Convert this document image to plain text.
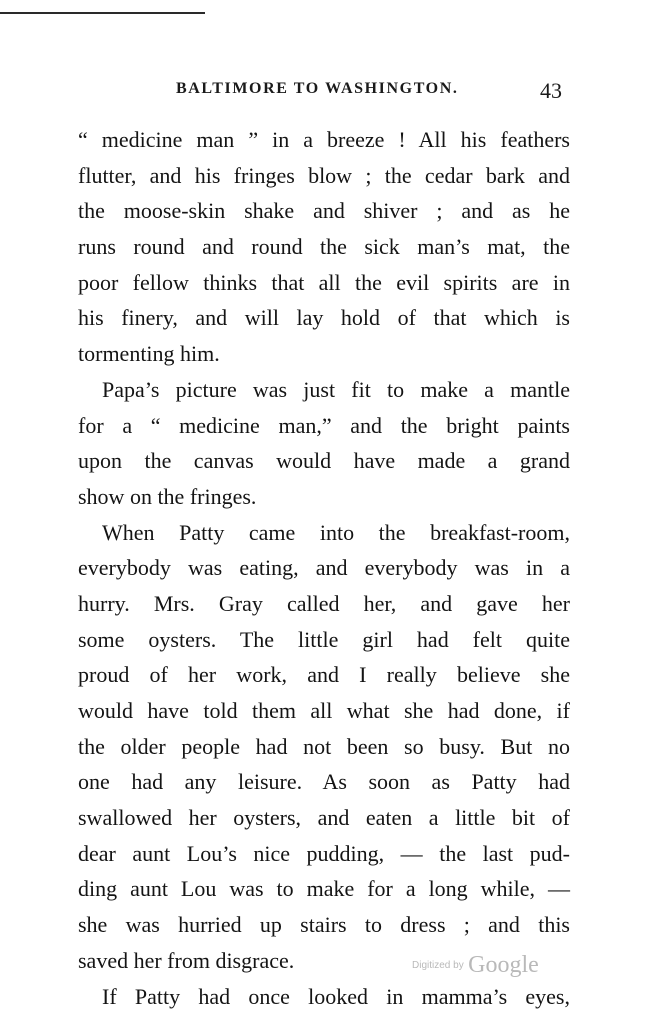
BALTIMORE TO WASHINGTON.	43
“ medicine man ” in a breeze ! All his feathers
flutter, and his fringes blow ; the cedar bark and
the moose-skin shake and shiver ; and as he
runs round and round the sick man’s mat, the
poor fellow thinks that all the evil spirits are in
his finery, and will lay hold of that which is
tormenting him.
Papa’s picture was just fit to make a mantle
for a “ medicine man,” and the bright paints
upon the canvas would have made a grand
show on the fringes.
When Patty came into the breakfast-room,
everybody was eating, and everybody was in a
hurry. Mrs. Gray called her, and gave her
some oysters. The little girl had felt quite
proud of her work, and I really believe she
would have told them all what she had done, if
the older people had not been so busy. But no
one had any leisure. As soon as Patty had
swallowed her oysters, and eaten a little bit of
dear aunt Lou’s nice pudding, — the last pud-
ding aunt Lou was to make for a long while, —
she was hurried up stairs to dress ; and this
saved her from disgrace.
If Patty had once looked in mamma’s eyes,
Digitized by Google
